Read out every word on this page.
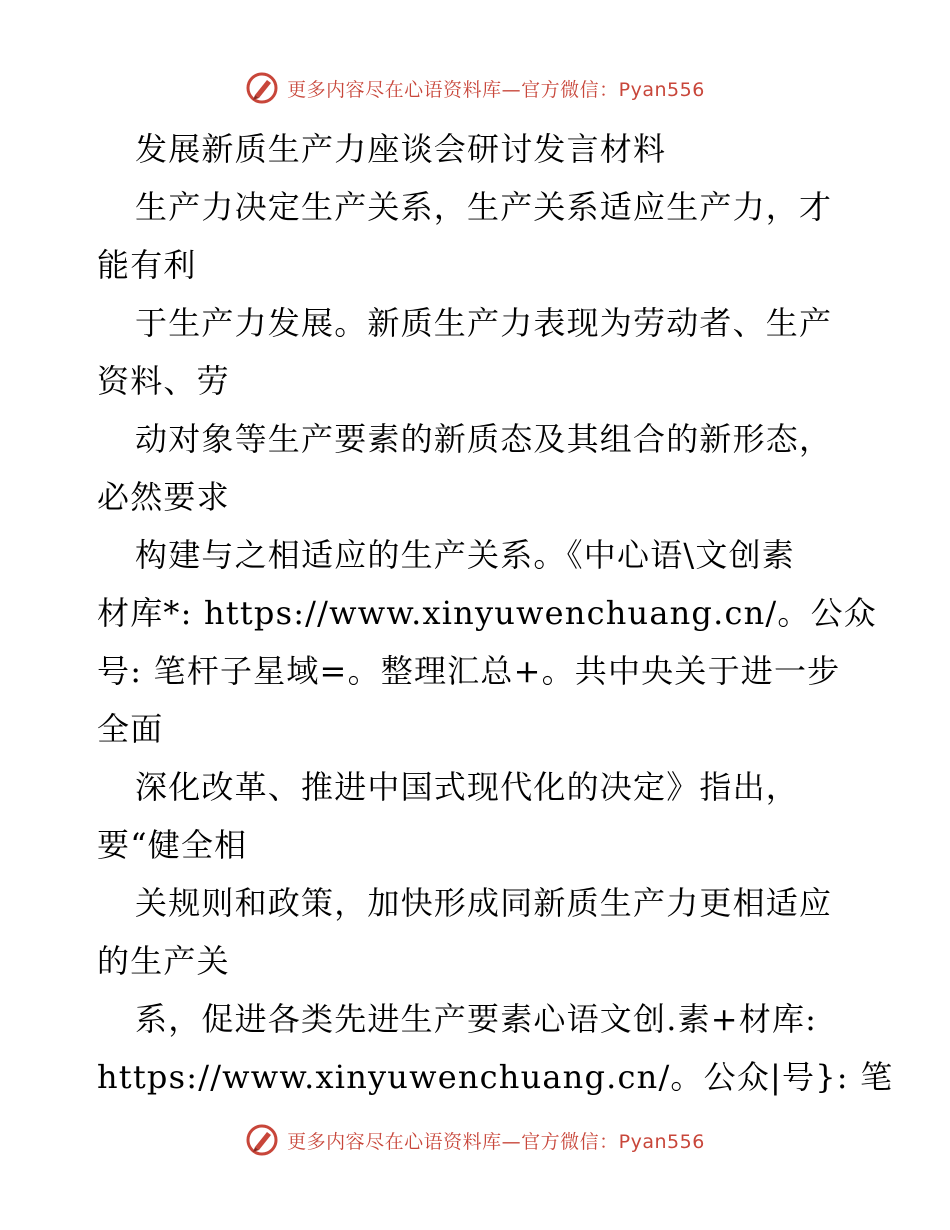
更多内容尽在心语资料库—官方微信：Pyan556
发展新质生产力座谈会研讨发言材料
生产力决定生产关系，生产关系适应生产力，才
能有利
于生产力发展。新质生产力表现为劳动者、生产
资料、劳
动对象等生产要素的新质态及其组合的新形态，
必然要求
构建与之相适应的生产关系。《中心语\文创素
材库*: https://www.xinyuwenchuang.cn/。公众
号: 笔杆子星域=。整理汇总+。共中央关于进一步
全面
深化改革、推进中国式现代化的决定》指出，
要“健全相
关规则和政策，加快形成同新质生产力更相适应
的生产关
系，促进各类先进生产要素心语文创.素+材库:
https://www.xinyuwenchuang.cn/。公众|号}: 笔
更多内容尽在心语资料库—官方微信：Pyan556
